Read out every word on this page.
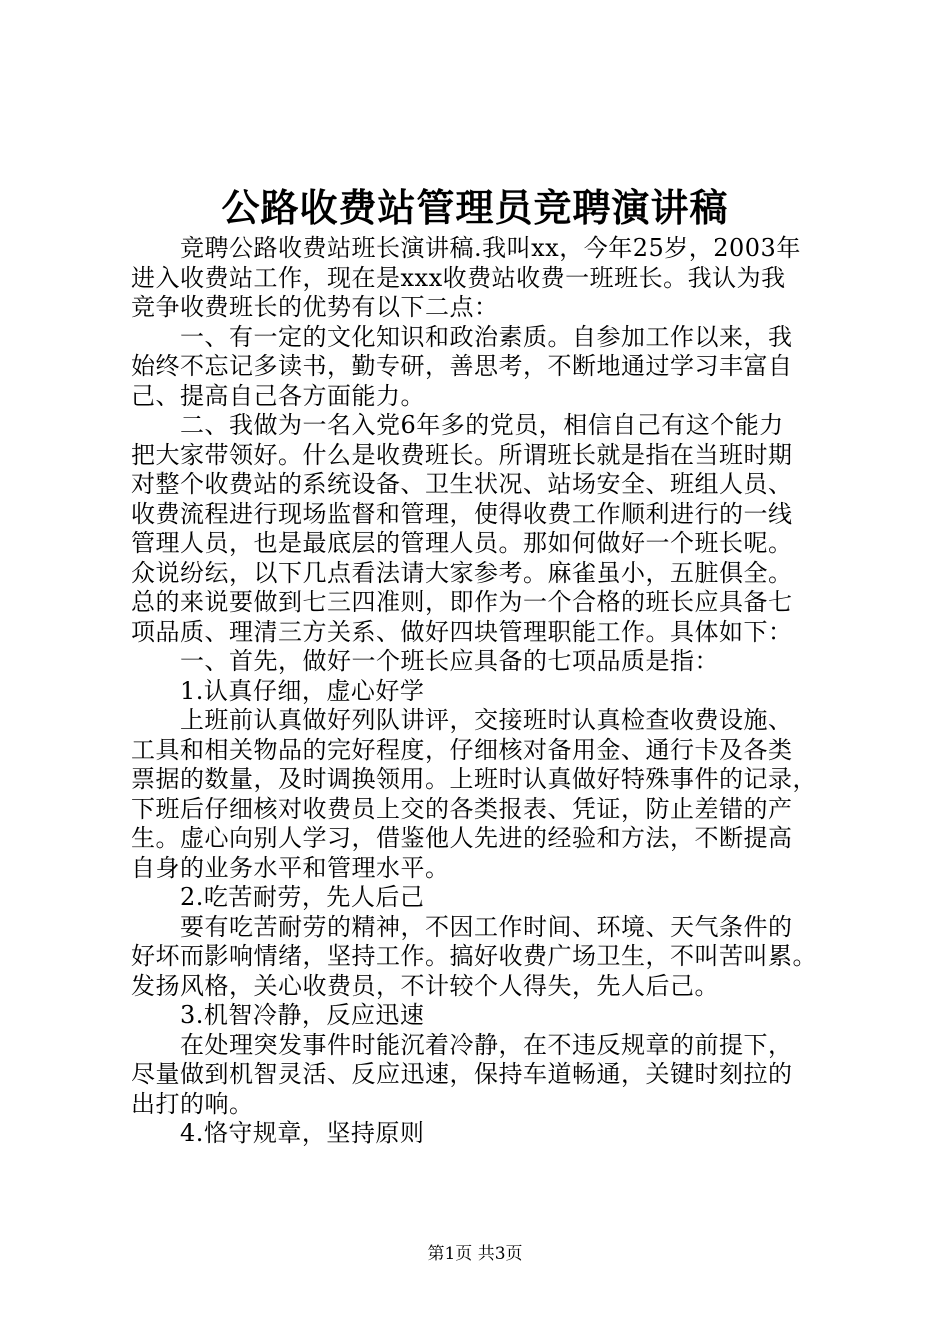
公路收费站管理员竞聘演讲稿
　　竞聘公路收费站班长演讲稿.我叫xx，今年25岁，2003年
进入收费站工作，现在是xxx收费站收费一班班长。我认为我
竞争收费班长的优势有以下二点：
　　一、有一定的文化知识和政治素质。自参加工作以来，我
始终不忘记多读书，勤专研，善思考，不断地通过学习丰富自
己、提高自己各方面能力。
　　二、我做为一名入党6年多的党员，相信自己有这个能力
把大家带领好。什么是收费班长。所谓班长就是指在当班时期
对整个收费站的系统设备、卫生状况、站场安全、班组人员、
收费流程进行现场监督和管理，使得收费工作顺利进行的一线
管理人员，也是最底层的管理人员。那如何做好一个班长呢。
众说纷纭，以下几点看法请大家参考。麻雀虽小，五脏俱全。
总的来说要做到七三四准则，即作为一个合格的班长应具备七
项品质、理清三方关系、做好四块管理职能工作。具体如下：
　　一、首先，做好一个班长应具备的七项品质是指：
　　1.认真仔细，虚心好学
　　上班前认真做好列队讲评，交接班时认真检查收费设施、
工具和相关物品的完好程度，仔细核对备用金、通行卡及各类
票据的数量，及时调换领用。上班时认真做好特殊事件的记录，
下班后仔细核对收费员上交的各类报表、凭证，防止差错的产
生。虚心向别人学习，借鉴他人先进的经验和方法，不断提高
自身的业务水平和管理水平。
　　2.吃苦耐劳，先人后己
　　要有吃苦耐劳的精神，不因工作时间、环境、天气条件的
好坏而影响情绪，坚持工作。搞好收费广场卫生，不叫苦叫累。
发扬风格，关心收费员，不计较个人得失，先人后己。
　　3.机智冷静，反应迅速
　　在处理突发事件时能沉着冷静，在不违反规章的前提下，
尽量做到机智灵活、反应迅速，保持车道畅通，关键时刻拉的
出打的响。
　　4.恪守规章，坚持原则
第1页 共3页
